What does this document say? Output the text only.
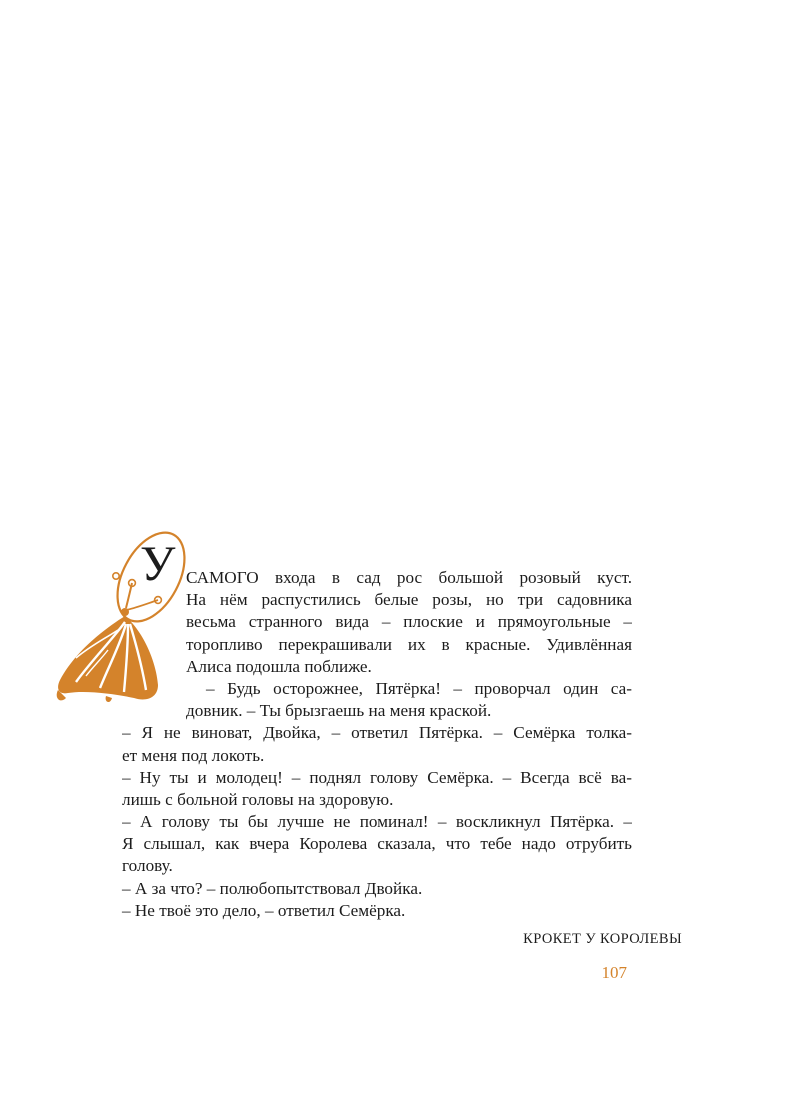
У САМОГО входа в сад рос большой розовый куст.
На нём распустились белые розы, но три садовника
весьма странного вида – плоские и прямоугольные –
торопливо перекрашивали их в красные. Удивлённая
Алиса подошла поближе.
– Будь осторожнее, Пятёрка! – проворчал один са-
довник. – Ты брызгаешь на меня краской.
– Я не виноват, Двойка, – ответил Пятёрка. – Семёрка толка-
ет меня под локоть.
– Ну ты и молодец! – поднял голову Семёрка. – Всегда всё ва-
лишь с больной головы на здоровую.
– А голову ты бы лучше не поминал! – воскликнул Пятёрка. –
Я слышал, как вчера Королева сказала, что тебе надо отрубить
голову.
– А за что? – полюбопытствовал Двойка.
– Не твоё это дело, – ответил Семёрка.
КРОКЕТ У КОРОЛЕВЫ
107
